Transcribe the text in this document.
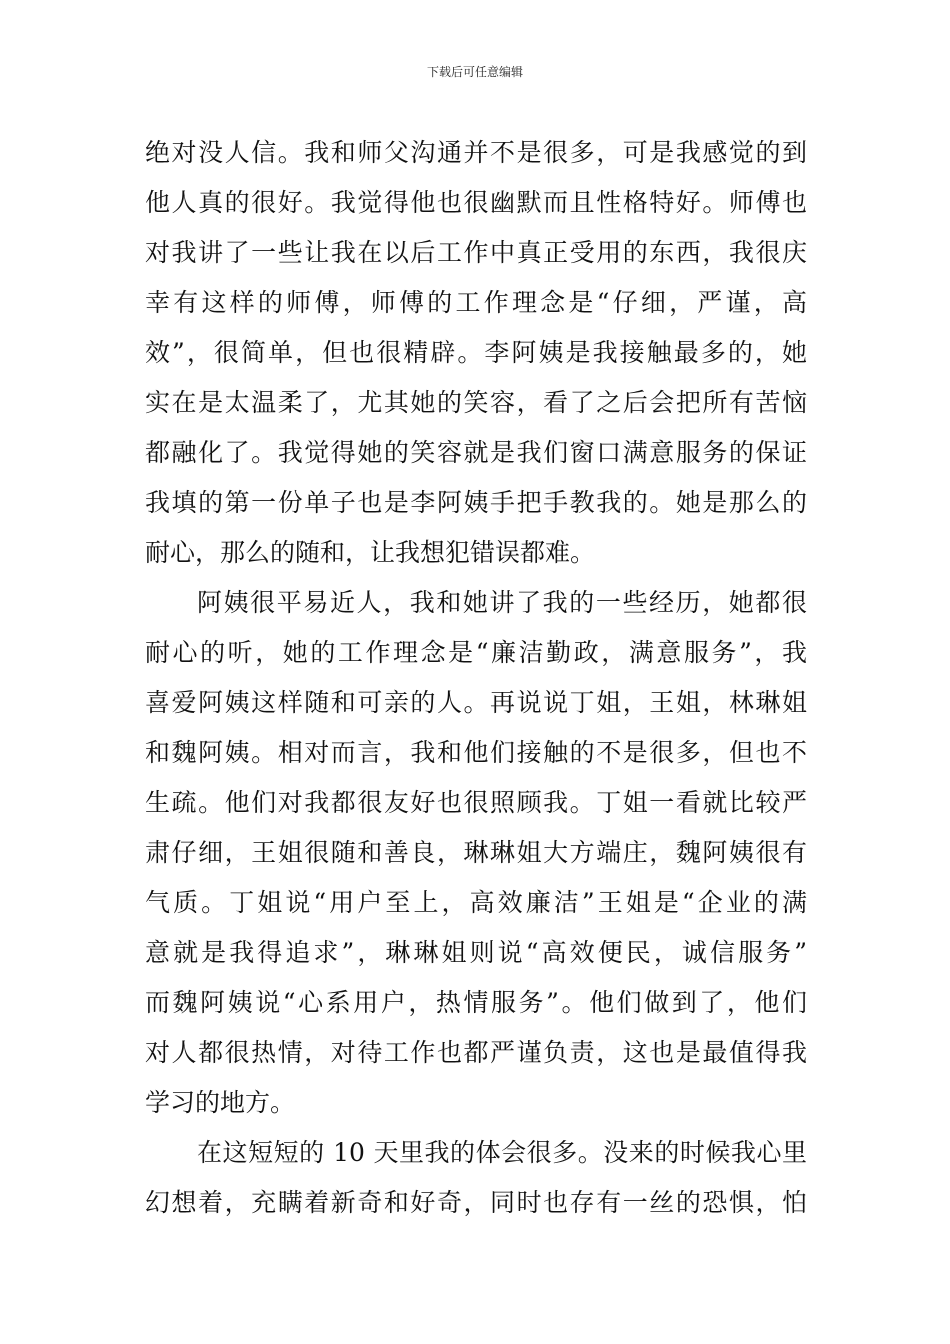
下载后可任意编辑
绝对没人信。我和师父沟通并不是很多，可是我感觉的到
他人真的很好。我觉得他也很幽默而且性格特好。师傅也
对我讲了一些让我在以后工作中真正受用的东西，我很庆
幸有这样的师傅，师傅的工作理念是“仔细，严谨，高
效”，很简单，但也很精辟。李阿姨是我接触最多的，她
实在是太温柔了，尤其她的笑容，看了之后会把所有苦恼
都融化了。我觉得她的笑容就是我们窗口满意服务的保证
我填的第一份单子也是李阿姨手把手教我的。她是那么的
耐心，那么的随和，让我想犯错误都难。
阿姨很平易近人，我和她讲了我的一些经历，她都很
耐心的听，她的工作理念是“廉洁勤政，满意服务”，我
喜爱阿姨这样随和可亲的人。再说说丁姐，王姐，林琳姐
和魏阿姨。相对而言，我和他们接触的不是很多，但也不
生疏。他们对我都很友好也很照顾我。丁姐一看就比较严
肃仔细，王姐很随和善良，琳琳姐大方端庄，魏阿姨很有
气质。丁姐说“用户至上，高效廉洁”王姐是“企业的满
意就是我得追求”，琳琳姐则说“高效便民，诚信服务”
而魏阿姨说“心系用户，热情服务”。他们做到了，他们
对人都很热情，对待工作也都严谨负责，这也是最值得我
学习的地方。
在这短短的 10 天里我的体会很多。没来的时候我心里
幻想着，充瞒着新奇和好奇，同时也存有一丝的恐惧，怕
